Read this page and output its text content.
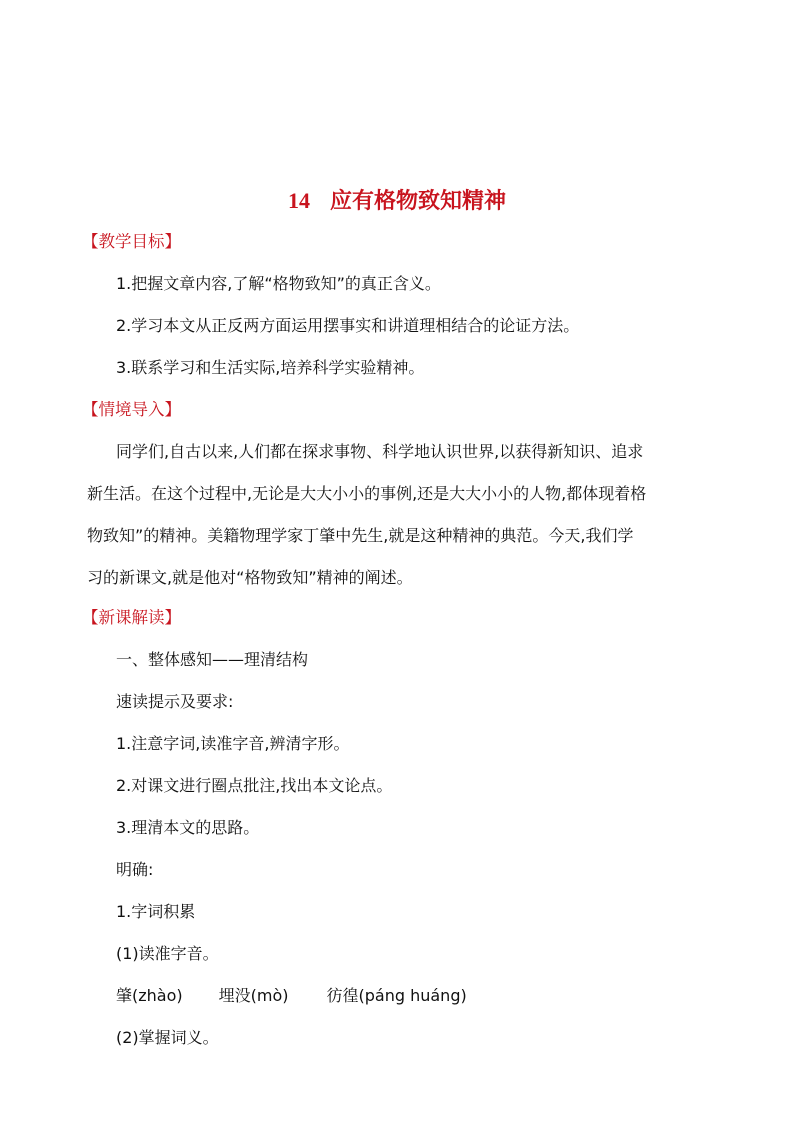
14 应有格物致知精神
【教学目标】
1.把握文章内容,了解“格物致知”的真正含义。
2.学习本文从正反两方面运用摆事实和讲道理相结合的论证方法。
3.联系学习和生活实际,培养科学实验精神。
【情境导入】
同学们,自古以来,人们都在探求事物、科学地认识世界,以获得新知识、追求
新生活。在这个过程中,无论是大大小小的事例,还是大大小小的人物,都体现着格
物致知”的精神。美籍物理学家丁肇中先生,就是这种精神的典范。今天,我们学
习的新课文,就是他对“格物致知”精神的阐述。
【新课解读】
一、整体感知——理清结构
速读提示及要求:
1.注意字词,读准字音,辨清字形。
2.对课文进行圈点批注,找出本文论点。
3.理清本文的思路。
明确:
1.字词积累
(1)读准字音。
肇(zhào) 埋没(mò) 彷徨(páng huáng)
(2)掌握词义。
